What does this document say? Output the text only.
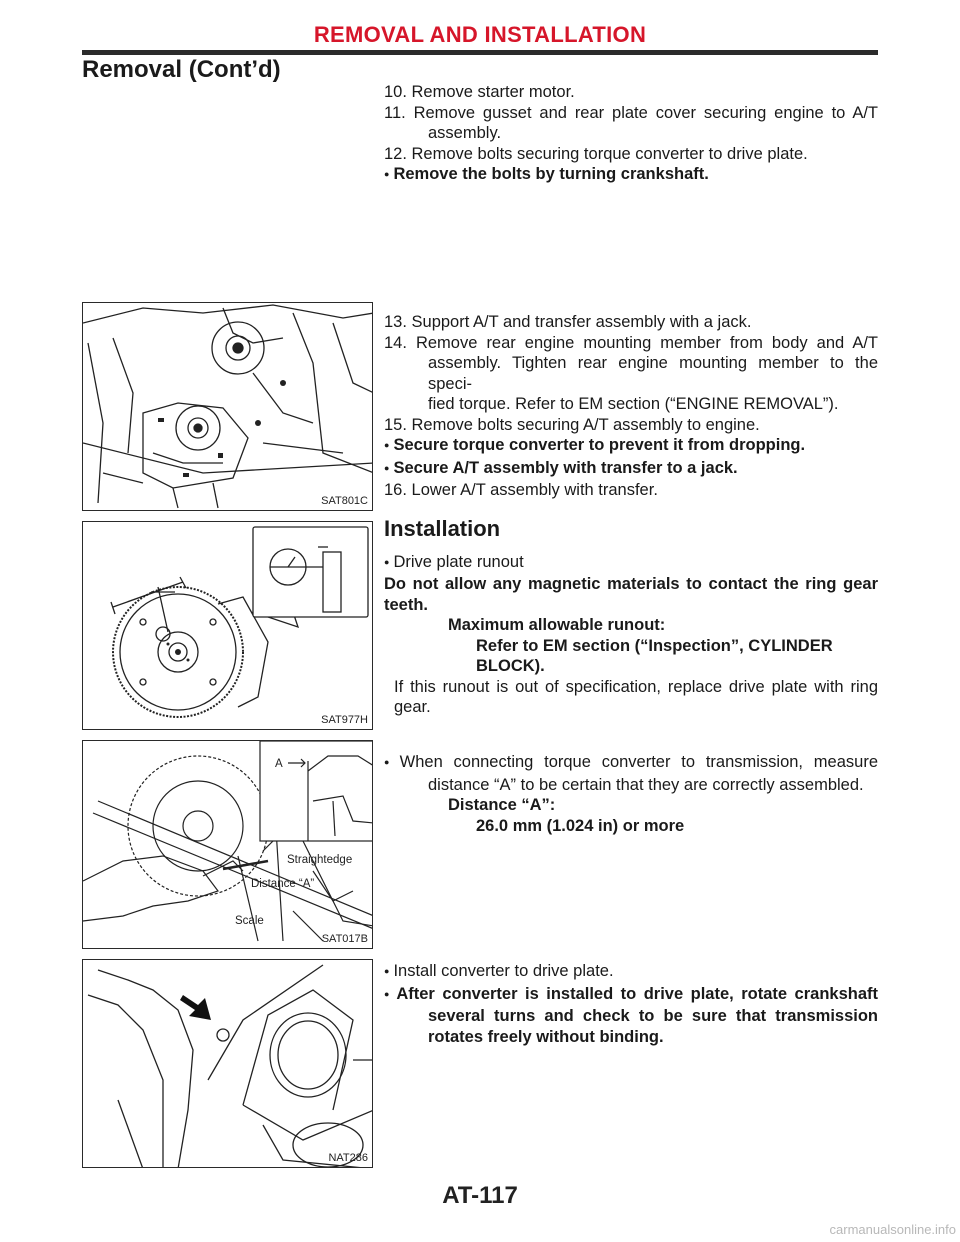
REMOVAL AND INSTALLATION
Removal (Cont’d)
10. Remove starter motor.
11. Remove gusset and rear plate cover securing engine to A/T
assembly.
12. Remove bolts securing torque converter to drive plate.
● Remove the bolts by turning crankshaft.
SAT801C
13. Support A/T and transfer assembly with a jack.
14. Remove rear engine mounting member from body and A/T
assembly. Tighten rear engine mounting member to the speci-
fied torque. Refer to EM section (“ENGINE REMOVAL”).
15. Remove bolts securing A/T assembly to engine.
● Secure torque converter to prevent it from dropping.
● Secure A/T assembly with transfer to a jack.
16. Lower A/T assembly with transfer.
SAT977H
Installation
● Drive plate runout
Do not allow any magnetic materials to contact the ring gear
teeth.
Maximum allowable runout:
Refer to EM section (“Inspection”, CYLINDER
BLOCK).
If this runout is out of specification, replace drive plate with ring
gear.
A
Straightedge
Distance “A”
Scale
SAT017B
● When connecting torque converter to transmission, measure
distance “A” to be certain that they are correctly assembled.
Distance “A”:
26.0 mm (1.024 in) or more
NAT286
● Install converter to drive plate.
● After converter is installed to drive plate, rotate crankshaft
several turns and check to be sure that transmission
rotates freely without binding.
AT-117
carmanualsonline.info
